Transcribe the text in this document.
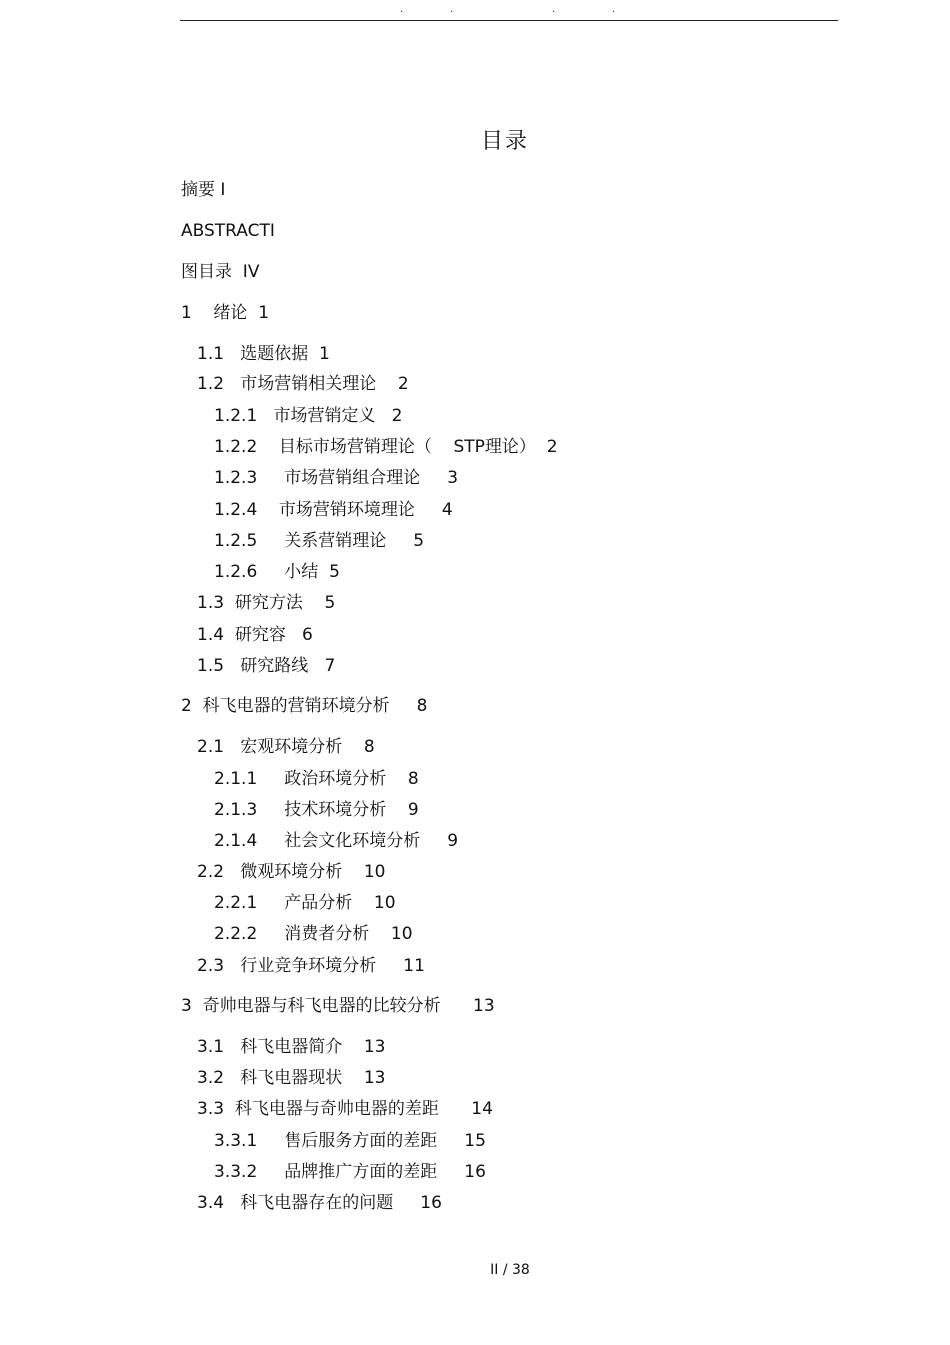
.	.	.	.
目录
摘要 I
ABSTRACTI
图目录  IV
1    绪论  1
1.1   选题依据  1
1.2   市场营销相关理论    2
1.2.1   市场营销定义   2
1.2.2    目标市场营销理论（    STP理论）  2
1.2.3     市场营销组合理论     3
1.2.4    市场营销环境理论     4
1.2.5     关系营销理论     5
1.2.6     小结  5
1.3  研究方法    5
1.4  研究容   6
1.5   研究路线   7
2  科飞电器的营销环境分析     8
2.1   宏观环境分析    8
2.1.1     政治环境分析    8
2.1.3     技术环境分析    9
2.1.4     社会文化环境分析     9
2.2   微观环境分析    10
2.2.1     产品分析    10
2.2.2     消费者分析    10
2.3   行业竞争环境分析     11
3  奇帅电器与科飞电器的比较分析      13
3.1   科飞电器简介    13
3.2   科飞电器现状    13
3.3  科飞电器与奇帅电器的差距      14
3.3.1     售后服务方面的差距     15
3.3.2     品牌推广方面的差距     16
3.4   科飞电器存在的问题     16
II / 38
